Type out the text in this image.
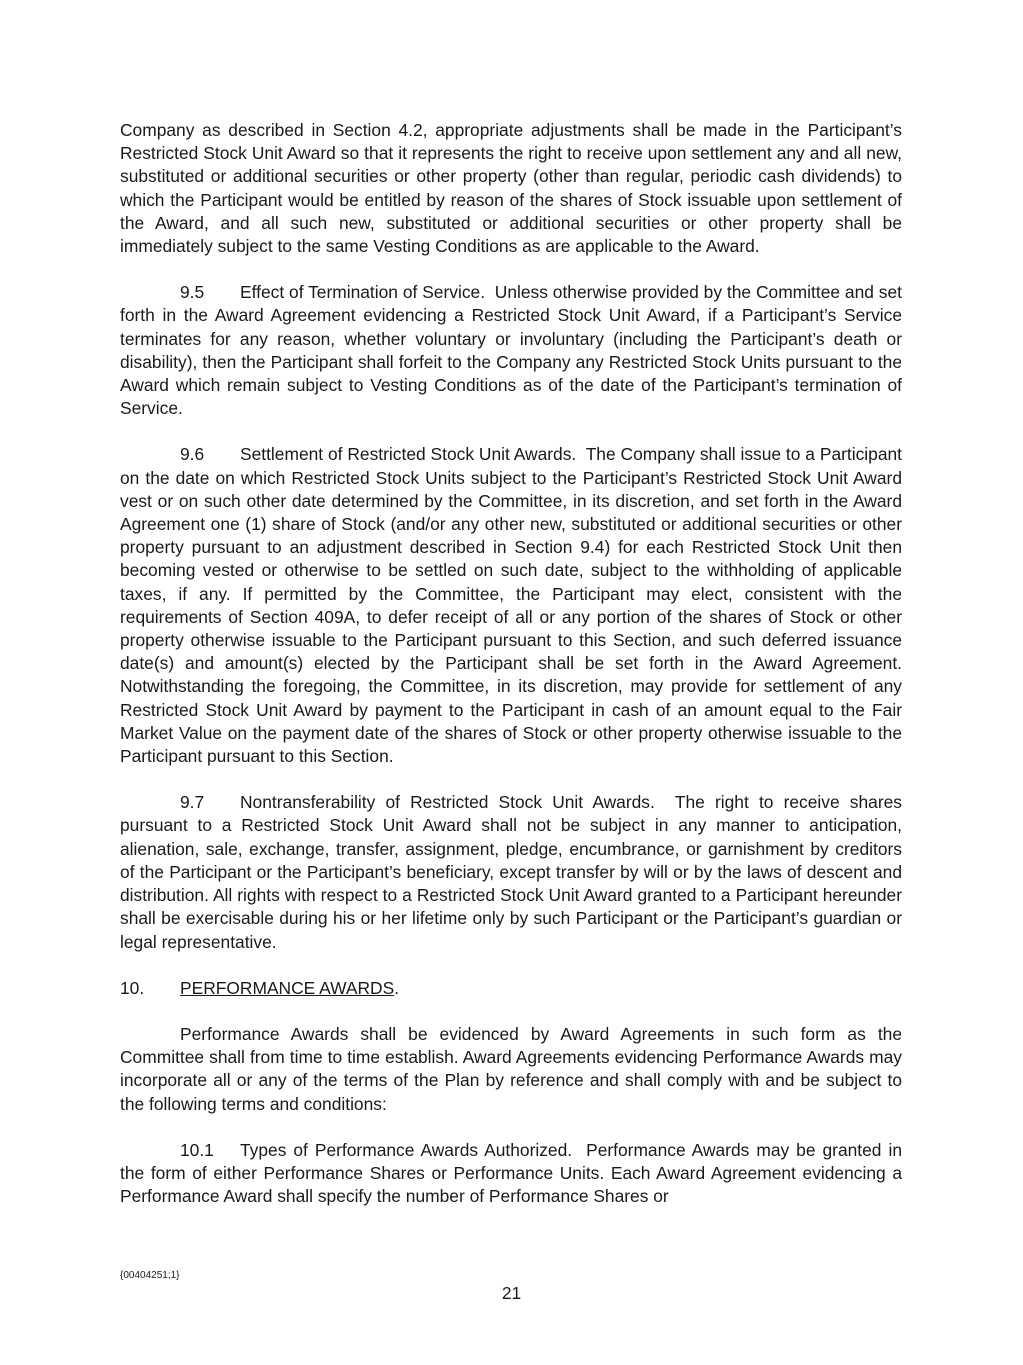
Company as described in Section 4.2, appropriate adjustments shall be made in the Participant’s Restricted Stock Unit Award so that it represents the right to receive upon settlement any and all new, substituted or additional securities or other property (other than regular, periodic cash dividends) to which the Participant would be entitled by reason of the shares of Stock issuable upon settlement of the Award, and all such new, substituted or additional securities or other property shall be immediately subject to the same Vesting Conditions as are applicable to the Award.

9.5 Effect of Termination of Service. Unless otherwise provided by the Committee and set forth in the Award Agreement evidencing a Restricted Stock Unit Award, if a Participant’s Service terminates for any reason, whether voluntary or involuntary (including the Participant’s death or disability), then the Participant shall forfeit to the Company any Restricted Stock Units pursuant to the Award which remain subject to Vesting Conditions as of the date of the Participant’s termination of Service.

9.6 Settlement of Restricted Stock Unit Awards. The Company shall issue to a Participant on the date on which Restricted Stock Units subject to the Participant’s Restricted Stock Unit Award vest or on such other date determined by the Committee, in its discretion, and set forth in the Award Agreement one (1) share of Stock (and/or any other new, substituted or additional securities or other property pursuant to an adjustment described in Section 9.4) for each Restricted Stock Unit then becoming vested or otherwise to be settled on such date, subject to the withholding of applicable taxes, if any. If permitted by the Committee, the Participant may elect, consistent with the requirements of Section 409A, to defer receipt of all or any portion of the shares of Stock or other property otherwise issuable to the Participant pursuant to this Section, and such deferred issuance date(s) and amount(s) elected by the Participant shall be set forth in the Award Agreement. Notwithstanding the foregoing, the Committee, in its discretion, may provide for settlement of any Restricted Stock Unit Award by payment to the Participant in cash of an amount equal to the Fair Market Value on the payment date of the shares of Stock or other property otherwise issuable to the Participant pursuant to this Section.

9.7 Nontransferability of Restricted Stock Unit Awards. The right to receive shares pursuant to a Restricted Stock Unit Award shall not be subject in any manner to anticipation, alienation, sale, exchange, transfer, assignment, pledge, encumbrance, or garnishment by creditors of the Participant or the Participant’s beneficiary, except transfer by will or by the laws of descent and distribution. All rights with respect to a Restricted Stock Unit Award granted to a Participant hereunder shall be exercisable during his or her lifetime only by such Participant or the Participant’s guardian or legal representative.

10. PERFORMANCE AWARDS.

Performance Awards shall be evidenced by Award Agreements in such form as the Committee shall from time to time establish. Award Agreements evidencing Performance Awards may incorporate all or any of the terms of the Plan by reference and shall comply with and be subject to the following terms and conditions:

10.1 Types of Performance Awards Authorized. Performance Awards may be granted in the form of either Performance Shares or Performance Units. Each Award Agreement evidencing a Performance Award shall specify the number of Performance Shares or

{00404251;1}
21
